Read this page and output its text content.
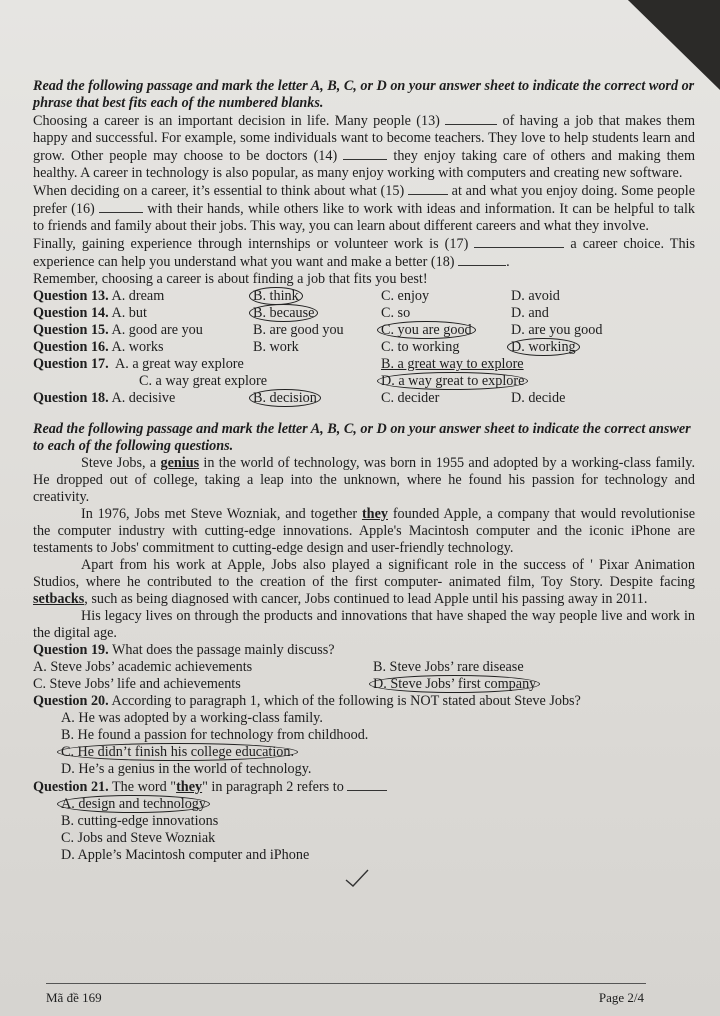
Read the following passage and mark the letter A, B, C, or D on your answer sheet to indicate the correct word or phrase that best fits each of the numbered blanks.

Choosing a career is an important decision in life. Many people (13)	of having a job that makes them happy and successful. For example, some individuals want to become teachers. They love to help students learn and grow. Other people may choose to be doctors (14)	they enjoy taking care of others and making them healthy. A career in technology is also popular, as many enjoy working with computers and creating new software.

When deciding on a career, it’s essential to think about what (15)	at and what you enjoy doing. Some people prefer (16)	with their hands, while others like to work with ideas and information. It can be helpful to talk to friends and family about their jobs. This way, you can learn about different careers and what they involve.

Finally, gaining experience through internships or volunteer work is (17)	a career choice. This experience can help you understand what you want and make a better (18)	.

Remember, choosing a career is about finding a job that fits you best!

Question 13. A. dream	B. think	C. enjoy	D. avoid
Question 14. A. but	B. because	C. so	D. and
Question 15. A. good are you	B. are good you	C. you are good	D. are you good
Question 16. A. works	B. work	C. to working	D. working
Question 17. A. a great way explore	B. a great way to explore
C. a way great explore	D. a way great to explore
Question 18. A. decisive	B. decision	C. decider	D. decide

Read the following passage and mark the letter A, B, C, or D on your answer sheet to indicate the correct answer to each of the following questions.

Steve Jobs, a genius in the world of technology, was born in 1955 and adopted by a working-class family. He dropped out of college, taking a leap into the unknown, where he found his passion for technology and creativity.

In 1976, Jobs met Steve Wozniak, and together they founded Apple, a company that would revolutionise the computer industry with cutting-edge innovations. Apple's Macintosh computer and the iconic iPhone are testaments to Jobs' commitment to cutting-edge design and user-friendly technology.

Apart from his work at Apple, Jobs also played a significant role in the success of ' Pixar Animation Studios, where he contributed to the creation of the first computer- animated film, Toy Story. Despite facing setbacks, such as being diagnosed with cancer, Jobs continued to lead Apple until his passing away in 2011.

His legacy lives on through the products and innovations that have shaped the way people live and work in the digital age.

Question 19. What does the passage mainly discuss?

A. Steve Jobs’ academic achievements	B. Steve Jobs’ rare disease
C. Steve Jobs’ life and achievements	D. Steve Jobs’ first company

Question 20. According to paragraph 1, which of the following is NOT stated about Steve Jobs?

A. He was adopted by a working-class family.

B. He found a passion for technology from childhood.

C. He didn’t finish his college education.

D. He’s a genius in the world of technology.

Question 21. The word "they" in paragraph 2 refers to

A. design and technology

B. cutting-edge innovations

C. Jobs and Steve Wozniak

D. Apple’s Macintosh computer and iPhone

Mã đề 169	Page 2/4
